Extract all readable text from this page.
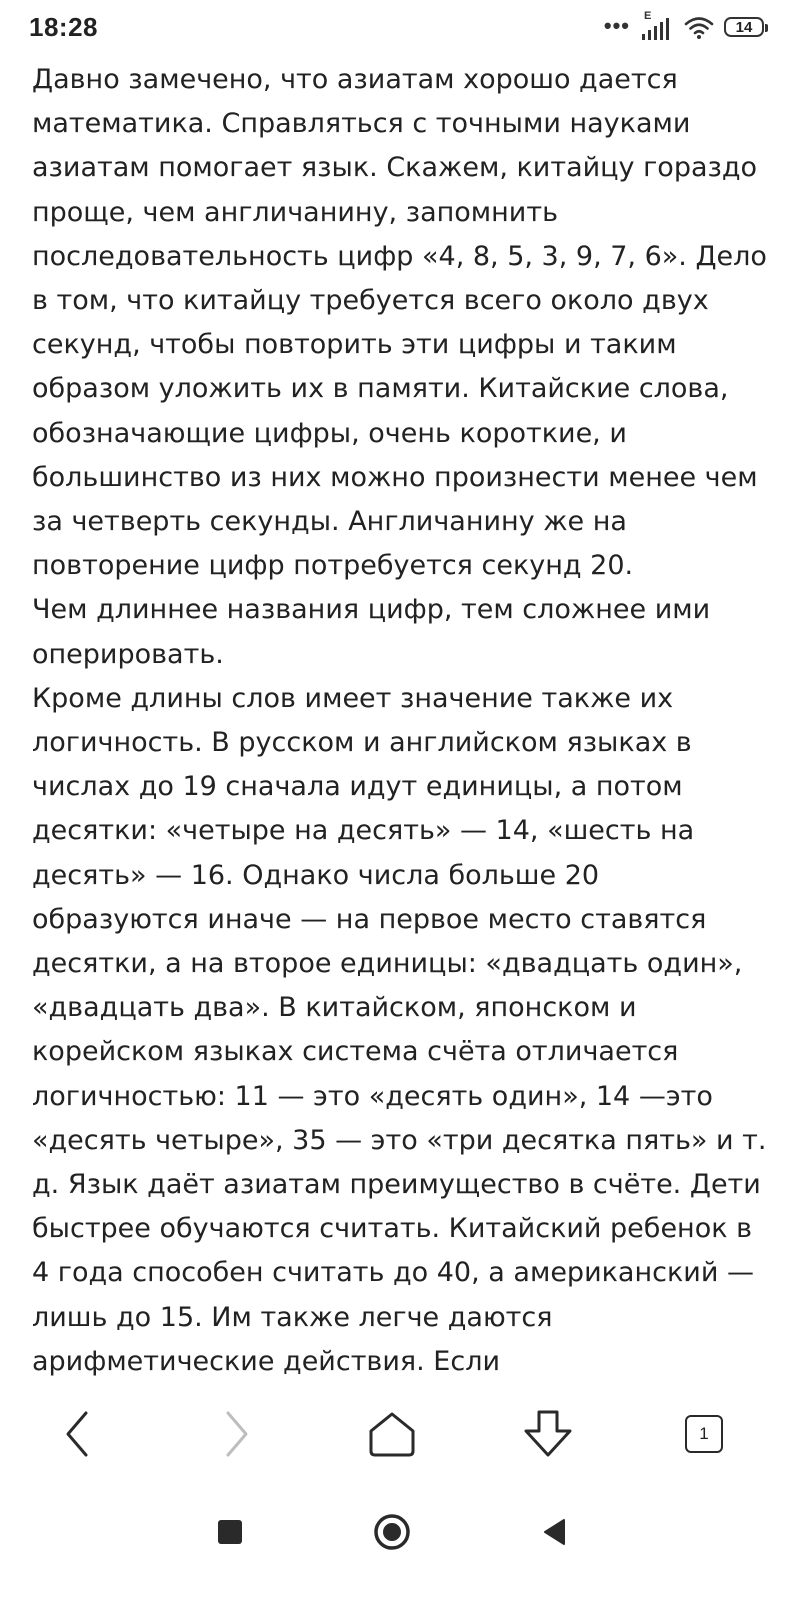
18:28	••• E
14

Давно замечено, что азиатам хорошо дается математика. Справляться с точными науками азиатам помогает язык. Скажем, китайцу гораздо проще, чем англичанину, запомнить последовательность цифр «4, 8, 5, 3, 9, 7, 6». Дело в том, что китайцу требуется всего около двух секунд, чтобы повторить эти цифры и таким образом уложить их в памяти. Китайские слова, обозначающие цифры, очень короткие, и большинство из них можно произнести менее чем за четверть секунды. Англичанину же на повторение цифр потребуется секунд 20.

Чем длиннее названия цифр, тем сложнее ими оперировать.

Кроме длины слов имеет значение также их логичность. В русском и английском языках в числах до 19 сначала идут единицы, а потом десятки: «четыре на десять» — 14, «шесть на десять» — 16. Однако числа больше 20 образуются иначе — на первое место ставятся десятки, а на второе единицы: «двадцать один», «двадцать два». В китайском, японском и корейском языках система счёта отличается логичностью: 11 — это «десять один», 14 —это «десять четыре», 35 — это «три десятка пять» и т. д. Язык даёт азиатам преимущество в счёте. Дети быстрее обучаются считать. Китайский ребенок в 4 года способен считать до 40, а американский — лишь до 15. Им также легче даются арифметические действия. Если

1
